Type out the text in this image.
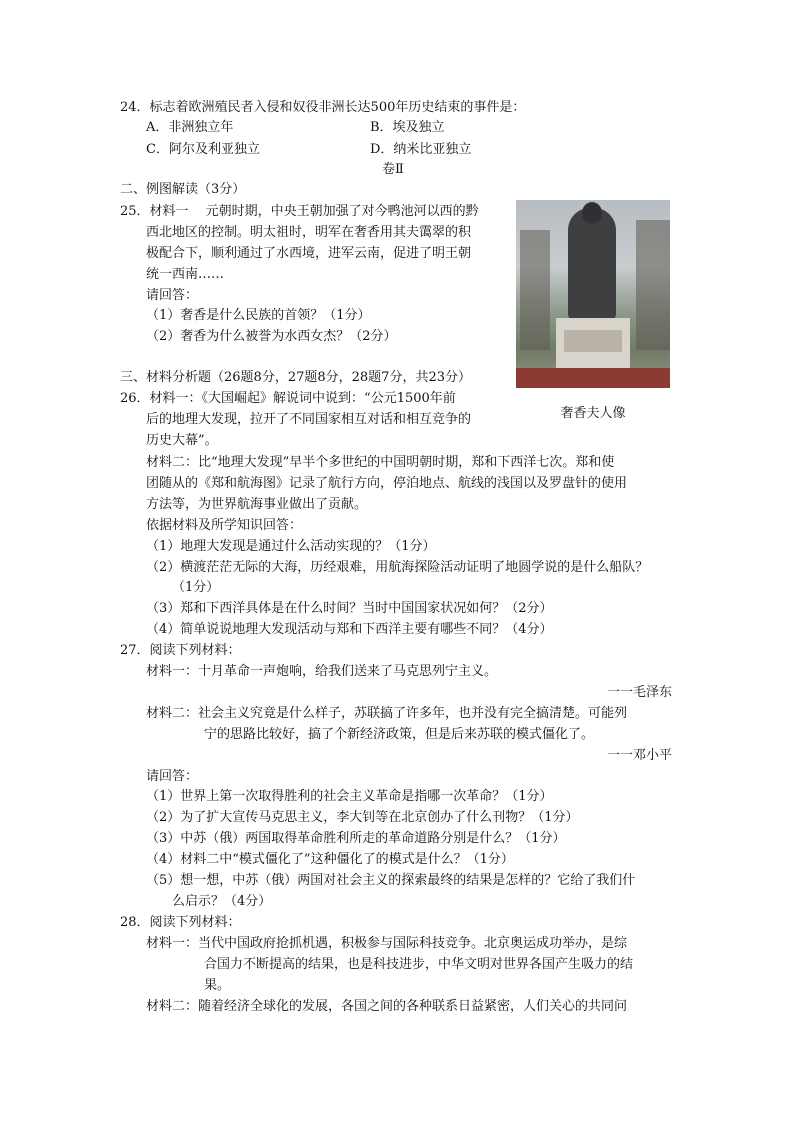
24．标志着欧洲殖民者入侵和奴役非洲长达500年历史结束的事件是：
A．非洲独立年	B．埃及独立
C．阿尔及利亚独立	D．纳米比亚独立
卷Ⅱ
二、例图解读（3分）
25．材料一　 元朝时期，中央王朝加强了对今鸭池河以西的黔
西北地区的控制。明太祖时，明军在奢香用其夫霭翠的积
极配合下，顺利通过了水西境，进军云南，促进了明王朝
统一西南……
请回答：
（1）奢香是什么民族的首领？（1分）
（2）奢香为什么被誉为水西女杰？（2分）
三、材料分析题（26题8分，27题8分，28题7分，共23分）
26．材料一：《大国崛起》解说词中说到：“公元1500年前
后的地理大发现，拉开了不同国家相互对话和相互竞争的
历史大幕”。
材料二：比“地理大发现”早半个多世纪的中国明朝时期，郑和下西洋七次。郑和使
团随从的《郑和航海图》记录了航行方向，停泊地点、航线的浅国以及罗盘针的使用
方法等，为世界航海事业做出了贡献。
依据材料及所学知识回答：
（1）地理大发现是通过什么活动实现的？（1分）
（2）横渡茫茫无际的大海，历经艰难，用航海探险活动证明了地圆学说的是什么船队？
（1分）
（3）郑和下西洋具体是在什么时间？当时中国国家状况如何？（2分）
（4）简单说说地理大发现活动与郑和下西洋主要有哪些不同？（4分）
27．阅读下列材料：
材料一：十月革命一声炮响，给我们送来了马克思列宁主义。
材料二：社会主义究竟是什么样子，苏联搞了许多年，也并没有完全搞清楚。可能列
宁的思路比较好，搞了个新经济政策，但是后来苏联的模式僵化了。
请回答：
（1）世界上第一次取得胜利的社会主义革命是指哪一次革命？（1分）
（2）为了扩大宣传马克思主义，李大钊等在北京创办了什么刊物？（1分）
（3）中苏（俄）两国取得革命胜利所走的革命道路分别是什么？（1分）
（4）材料二中“模式僵化了”这种僵化了的模式是什么？（1分）
（5）想一想，中苏（俄）两国对社会主义的探索最终的结果是怎样的？它给了我们什
么启示？（4分）
28．阅读下列材料：
材料一：当代中国政府抢抓机遇，积极参与国际科技竞争。北京奥运成功举办，是综
合国力不断提高的结果，也是科技进步，中华文明对世界各国产生吸力的结
果。
材料二：随着经济全球化的发展，各国之间的各种联系日益紧密，人们关心的共同问
一一毛泽东
一一邓小平
奢香夫人像
